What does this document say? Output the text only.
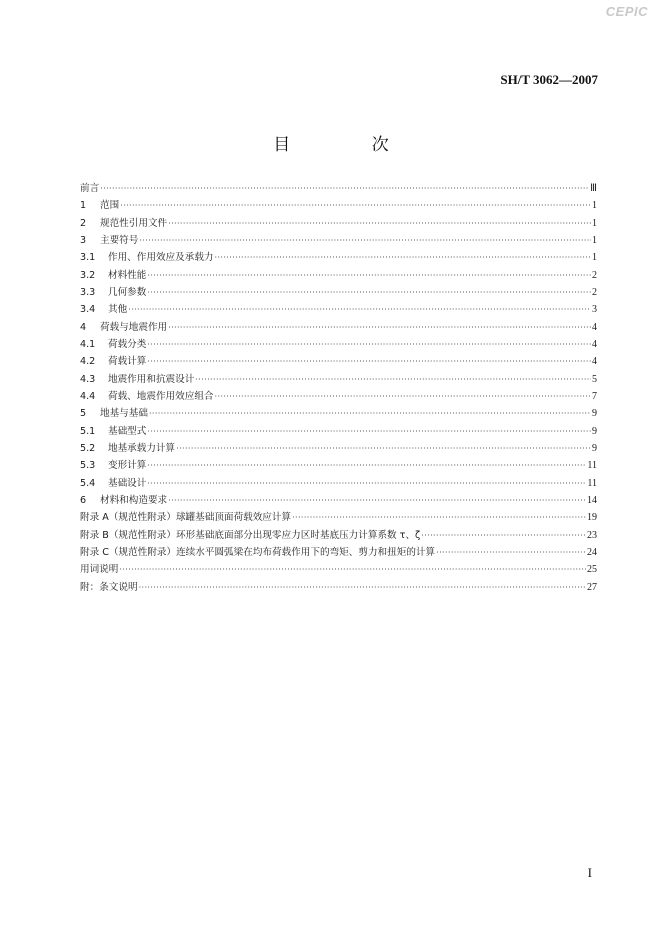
CEPIC
SH/T 3062—2007
目 次
前言 ·····	Ⅲ
1	范围 ·····	1
2	规范性引用文件 ·····	1
3	主要符号 ·····	1
3.1	作用、作用效应及承载力 ·····	1
3.2	材料性能 ·····	2
3.3	几何参数 ·····	2
3.4	其他 ·····	3
4	荷载与地震作用 ·····	4
4.1	荷载分类 ·····	4
4.2	荷载计算 ·····	4
4.3	地震作用和抗震设计 ·····	5
4.4	荷载、地震作用效应组合 ·····	7
5	地基与基础 ·····	9
5.1	基础型式 ·····	9
5.2	地基承载力计算 ·····	9
5.3	变形计算 ·····	11
5.4	基础设计 ·····	11
6	材料和构造要求 ·····	14
附录 A（规范性附录）球罐基础顶面荷载效应计算 ·····	19
附录 B（规范性附录）环形基础底面部分出现零应力区时基底压力计算系数 τ、ζ ·····	23
附录 C（规范性附录）连续水平圆弧梁在均布荷载作用下的弯矩、剪力和扭矩的计算 ·····	24
用词说明 ·····	25
附：条文说明 ·····	27
I
